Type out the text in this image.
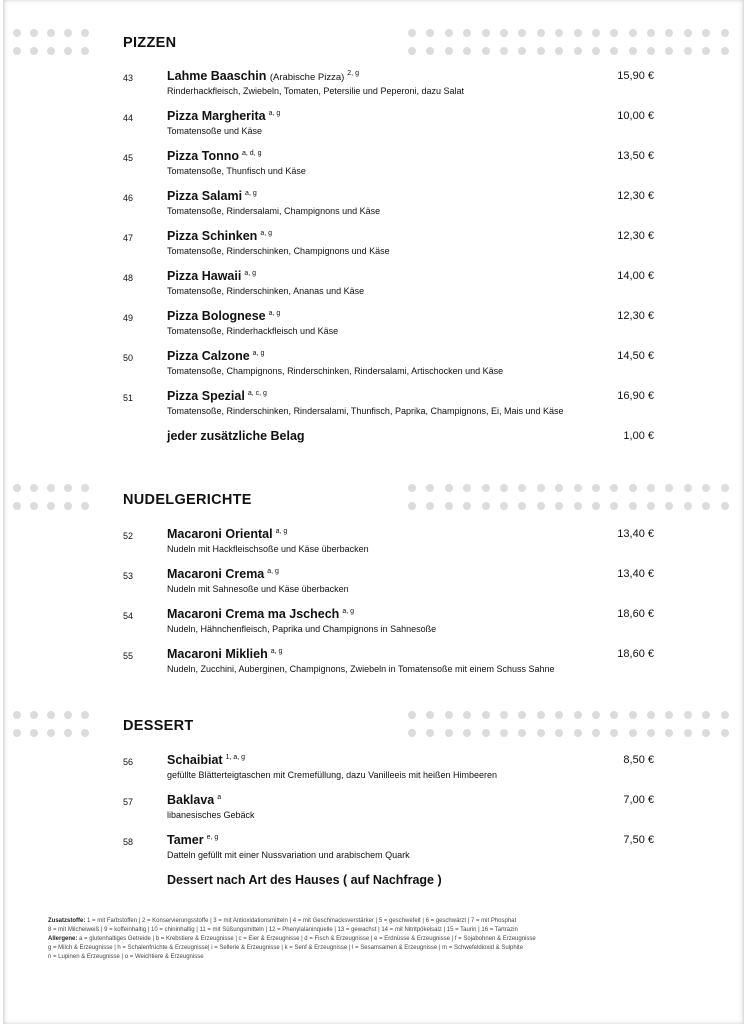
PIZZEN
43	Lahme Baaschin (Arabische Pizza) $^{2, g}$
Rinderhackfleisch, Zwiebeln, Tomaten, Petersilie und Peperoni, dazu Salat
15,90 €
44	Pizza Margherita $^{a, g}$
Tomatensoße und Käse
10,00 €
45	Pizza Tonno $^{a, d, g}$
Tomatensoße, Thunfisch und Käse
13,50 €
46	Pizza Salami $^{a, g}$
Tomatensoße, Rindersalami, Champignons und Käse
12,30 €
47	Pizza Schinken $^{a, g}$
Tomatensoße, Rinderschinken, Champignons und Käse
12,30 €
48	Pizza Hawaii $^{a, g}$
Tomatensoße, Rinderschinken, Ananas und Käse
14,00 €
49	Pizza Bolognese $^{a, g}$
Tomatensoße, Rinderhackfleisch und Käse
12,30 €
50	Pizza Calzone $^{a, g}$
Tomatensoße, Champignons, Rinderschinken, Rindersalami, Artischocken und Käse
14,50 €
51	Pizza Spezial $^{a, c, g}$
Tomatensoße, Rinderschinken, Rindersalami, Thunfisch, Paprika, Champignons, Ei, Mais und Käse
16,90 €
jeder zusätzliche Belag	1,00 €
NUDELGERICHTE
52	Macaroni Oriental $^{a, g}$
Nudeln mit Hackfleischsoße und Käse überbacken
13,40 €
53	Macaroni Crema $^{a, g}$
Nudeln mit Sahnesoße und Käse überbacken
13,40 €
54	Macaroni Crema ma Jschech $^{a, g}$
Nudeln, Hähnchenfleisch, Paprika und Champignons in Sahnesoße
18,60 €
55	Macaroni Miklieh $^{a, g}$
Nudeln, Zucchini, Auberginen, Champignons, Zwiebeln in Tomatensoße mit einem Schuss Sahne
18,60 €
DESSERT
56	Schaibiat $^{1, a, g}$
gefüllte Blätterteigtaschen mit Cremefüllung, dazu Vanilleeis mit heißen Himbeeren
8,50 €
57	Baklava $^a$
libanesisches Gebäck
7,00 €
58	Tamer $^{e, g}$
Datteln gefüllt mit einer Nussvariation und arabischem Quark
7,50 €
Dessert nach Art des Hauses ( auf Nachfrage )
Zusatzstoffe: 1 = mit Farbstoffen | 2 = Konservierungsstoffe | 3 = mit Antioxidationsmitteln | 4 = mit Geschmacksverstärker | 5 = geschwefelt | 6 = geschwärzt | 7 = mit Phosphat
8 = mit Milcheiweiß | 9 = koffeinhaltig | 10 = chininhaltig | 11 = mit Süßungsmitteln | 12 = Phenylalaninquelle | 13 = gewachst | 14 = mit Nitritpökelsalz | 15 = Taurin | 16 = Tartrazin
Allergene: a = glutenhaltiges Getreide | b = Krebstiere & Erzeugnisse | c = Eier & Erzeugnisse | d = Fisch & Erzeugnisse | e = Erdnüsse & Erzeugnisse | f = Sojabohnen & Erzeugnisse
g = Milch & Erzeugnisse | h = Schalenfrüchte & Erzeugnisse| i = Sellerie & Erzeugnisse | k = Senf & Erzeugnisse | l = Sesamsamen & Erzeugnisse | m = Schwefeldioxid & Sulphite
n = Lupinen & Erzeugnisse | o = Weichtiere & Erzeugnisse
